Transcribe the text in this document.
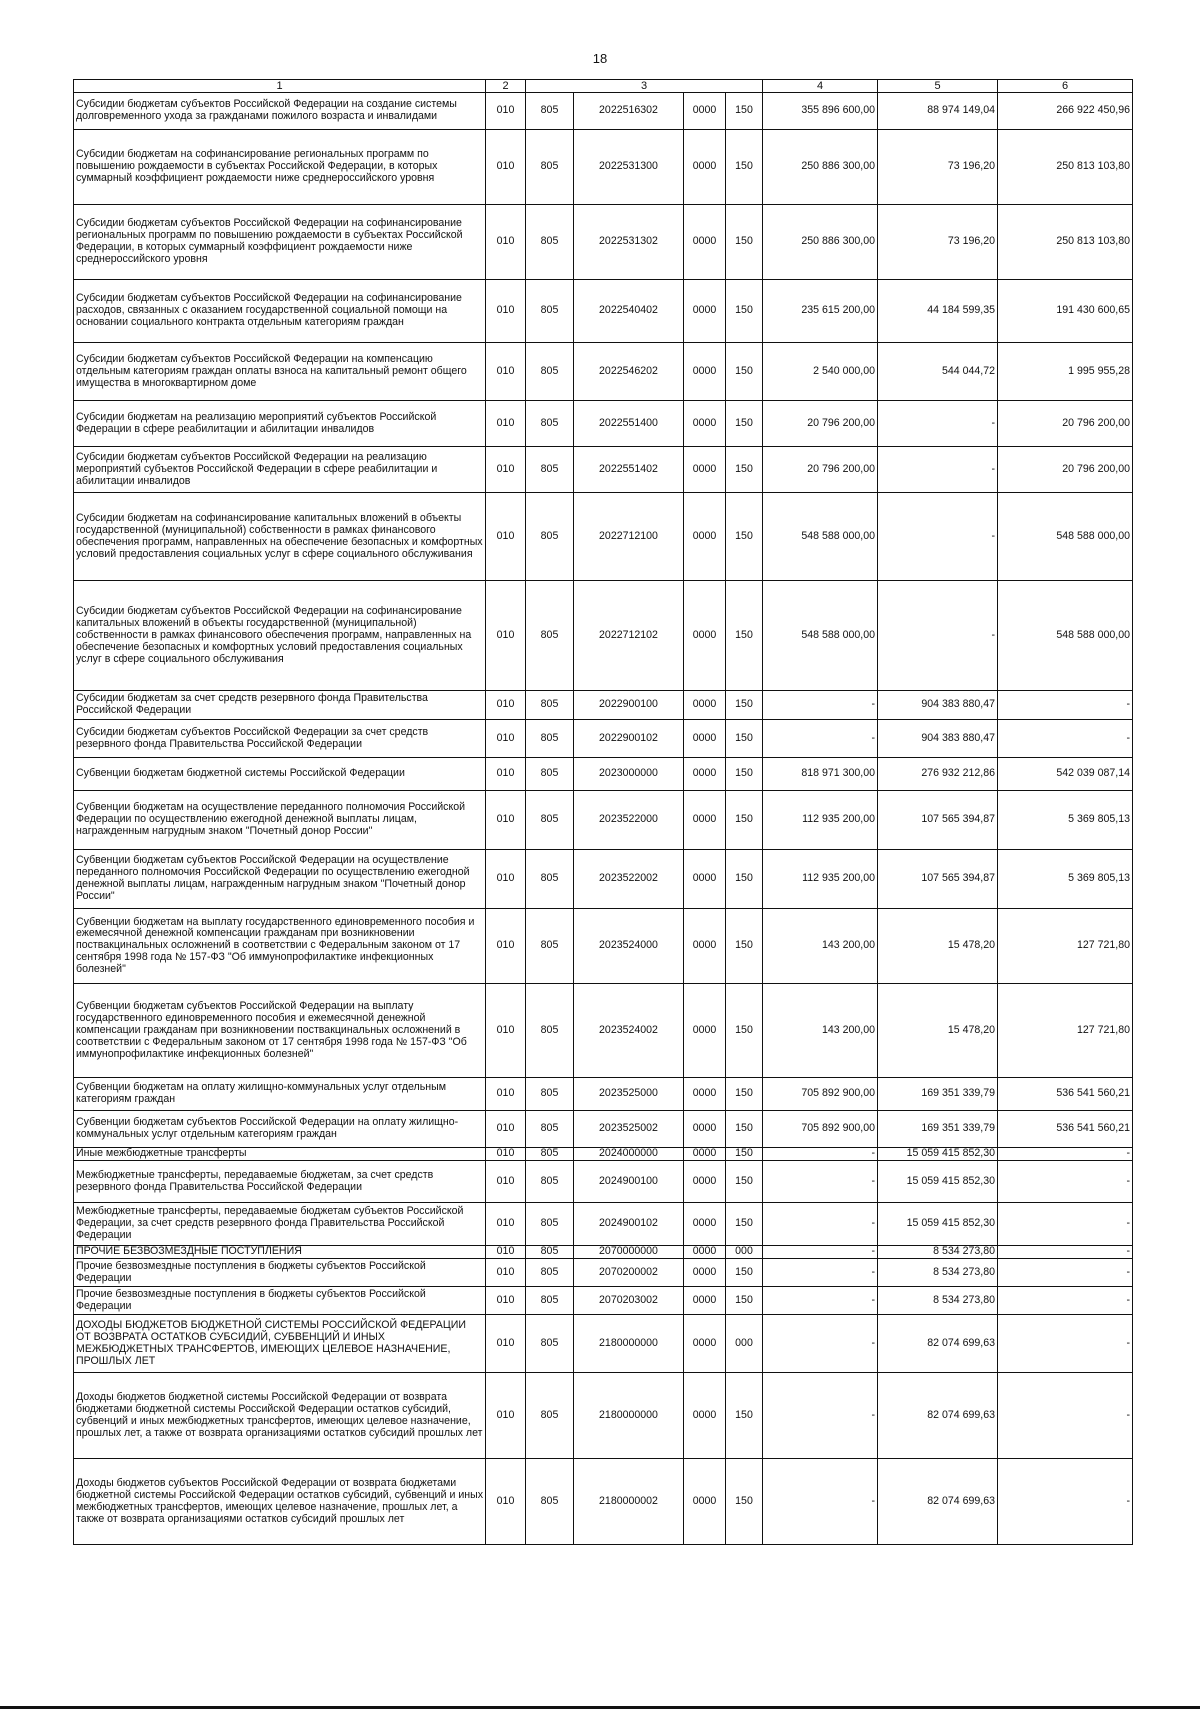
18
1	2	3				4	5	6
Субсидии бюджетам субъектов Российской Федерации на создание системы долговременного ухода за гражданами пожилого возраста и инвалидами	010	805	2022516302	0000	150	355 896 600,00	88 974 149,04	266 922 450,96
Субсидии бюджетам на софинансирование региональных программ по повышению рождаемости в субъектах Российской Федерации, в которых суммарный коэффициент рождаемости ниже среднероссийского уровня	010	805	2022531300	0000	150	250 886 300,00	73 196,20	250 813 103,80
Субсидии бюджетам субъектов Российской Федерации на софинансирование региональных программ по повышению рождаемости в субъектах Российской Федерации, в которых суммарный коэффициент рождаемости ниже среднероссийского уровня	010	805	2022531302	0000	150	250 886 300,00	73 196,20	250 813 103,80
Субсидии бюджетам субъектов Российской Федерации на софинансирование расходов, связанных с оказанием государственной социальной помощи на основании социального контракта отдельным категориям граждан	010	805	2022540402	0000	150	235 615 200,00	44 184 599,35	191 430 600,65
Субсидии бюджетам субъектов Российской Федерации на компенсацию отдельным категориям граждан оплаты взноса на капитальный ремонт общего имущества в многоквартирном доме	010	805	2022546202	0000	150	2 540 000,00	544 044,72	1 995 955,28
Субсидии бюджетам на реализацию мероприятий субъектов Российской Федерации в сфере реабилитации и абилитации инвалидов	010	805	2022551400	0000	150	20 796 200,00	-	20 796 200,00
Субсидии бюджетам субъектов Российской Федерации на реализацию мероприятий субъектов Российской Федерации в сфере реабилитации и абилитации инвалидов	010	805	2022551402	0000	150	20 796 200,00	-	20 796 200,00
Субсидии бюджетам на софинансирование капитальных вложений в объекты государственной (муниципальной) собственности в рамках финансового обеспечения программ, направленных на обеспечение безопасных и комфортных условий предоставления социальных услуг в сфере социального обслуживания	010	805	2022712100	0000	150	548 588 000,00	-	548 588 000,00
Субсидии бюджетам субъектов Российской Федерации на софинансирование капитальных вложений в объекты государственной (муниципальной) собственности в рамках финансового обеспечения программ, направленных на обеспечение безопасных и комфортных условий предоставления социальных услуг в сфере социального обслуживания	010	805	2022712102	0000	150	548 588 000,00	-	548 588 000,00
Субсидии бюджетам за счет средств резервного фонда Правительства Российской Федерации	010	805	2022900100	0000	150	-	904 383 880,47	-
Субсидии бюджетам субъектов Российской Федерации за счет средств резервного фонда Правительства Российской Федерации	010	805	2022900102	0000	150	-	904 383 880,47	-
Субвенции бюджетам бюджетной системы Российской Федерации	010	805	2023000000	0000	150	818 971 300,00	276 932 212,86	542 039 087,14
Субвенции бюджетам на осуществление переданного полномочия Российской Федерации по осуществлению ежегодной денежной выплаты лицам, награжденным нагрудным знаком "Почетный донор России"	010	805	2023522000	0000	150	112 935 200,00	107 565 394,87	5 369 805,13
Субвенции бюджетам субъектов Российской Федерации на осуществление переданного полномочия Российской Федерации по осуществлению ежегодной денежной выплаты лицам, награжденным нагрудным знаком "Почетный донор России"	010	805	2023522002	0000	150	112 935 200,00	107 565 394,87	5 369 805,13
Субвенции бюджетам на выплату государственного единовременного пособия и ежемесячной денежной компенсации гражданам при возникновении поствакцинальных осложнений в соответствии с Федеральным законом от 17 сентября 1998 года № 157-ФЗ "Об иммунопрофилактике инфекционных болезней"	010	805	2023524000	0000	150	143 200,00	15 478,20	127 721,80
Субвенции бюджетам субъектов Российской Федерации на выплату государственного единовременного пособия и ежемесячной денежной компенсации гражданам при возникновении поствакцинальных осложнений в соответствии с Федеральным законом от 17 сентября 1998 года № 157-ФЗ "Об иммунопрофилактике инфекционных болезней"	010	805	2023524002	0000	150	143 200,00	15 478,20	127 721,80
Субвенции бюджетам на оплату жилищно-коммунальных услуг отдельным категориям граждан	010	805	2023525000	0000	150	705 892 900,00	169 351 339,79	536 541 560,21
Субвенции бюджетам субъектов Российской Федерации на оплату жилищно-коммунальных услуг отдельным категориям граждан	010	805	2023525002	0000	150	705 892 900,00	169 351 339,79	536 541 560,21
Иные межбюджетные трансферты	010	805	2024000000	0000	150	-	15 059 415 852,30	-
Межбюджетные трансферты, передаваемые бюджетам, за счет средств резервного фонда Правительства Российской Федерации	010	805	2024900100	0000	150	-	15 059 415 852,30	-
Межбюджетные трансферты, передаваемые бюджетам субъектов Российской Федерации, за счет средств резервного фонда Правительства Российской Федерации	010	805	2024900102	0000	150	-	15 059 415 852,30	-
ПРОЧИЕ БЕЗВОЗМЕЗДНЫЕ ПОСТУПЛЕНИЯ	010	805	2070000000	0000	000	-	8 534 273,80	-
Прочие безвозмездные поступления в бюджеты субъектов Российской Федерации	010	805	2070200002	0000	150	-	8 534 273,80	-
Прочие безвозмездные поступления в бюджеты субъектов Российской Федерации	010	805	2070203002	0000	150	-	8 534 273,80	-
ДОХОДЫ БЮДЖЕТОВ БЮДЖЕТНОЙ СИСТЕМЫ РОССИЙСКОЙ ФЕДЕРАЦИИ ОТ ВОЗВРАТА ОСТАТКОВ СУБСИДИЙ, СУБВЕНЦИЙ И ИНЫХ МЕЖБЮДЖЕТНЫХ ТРАНСФЕРТОВ, ИМЕЮЩИХ ЦЕЛЕВОЕ НАЗНАЧЕНИЕ, ПРОШЛЫХ ЛЕТ	010	805	2180000000	0000	000	-	82 074 699,63	-
Доходы бюджетов бюджетной системы Российской Федерации от возврата бюджетами бюджетной системы Российской Федерации остатков субсидий, субвенций и иных межбюджетных трансфертов, имеющих целевое назначение, прошлых лет, а также от возврата организациями остатков субсидий прошлых лет	010	805	2180000000	0000	150	-	82 074 699,63	-
Доходы бюджетов субъектов Российской Федерации от возврата бюджетами бюджетной системы Российской Федерации остатков субсидий, субвенций и иных межбюджетных трансфертов, имеющих целевое назначение, прошлых лет, а также от возврата организациями остатков субсидий прошлых лет	010	805	2180000002	0000	150	-	82 074 699,63	-
